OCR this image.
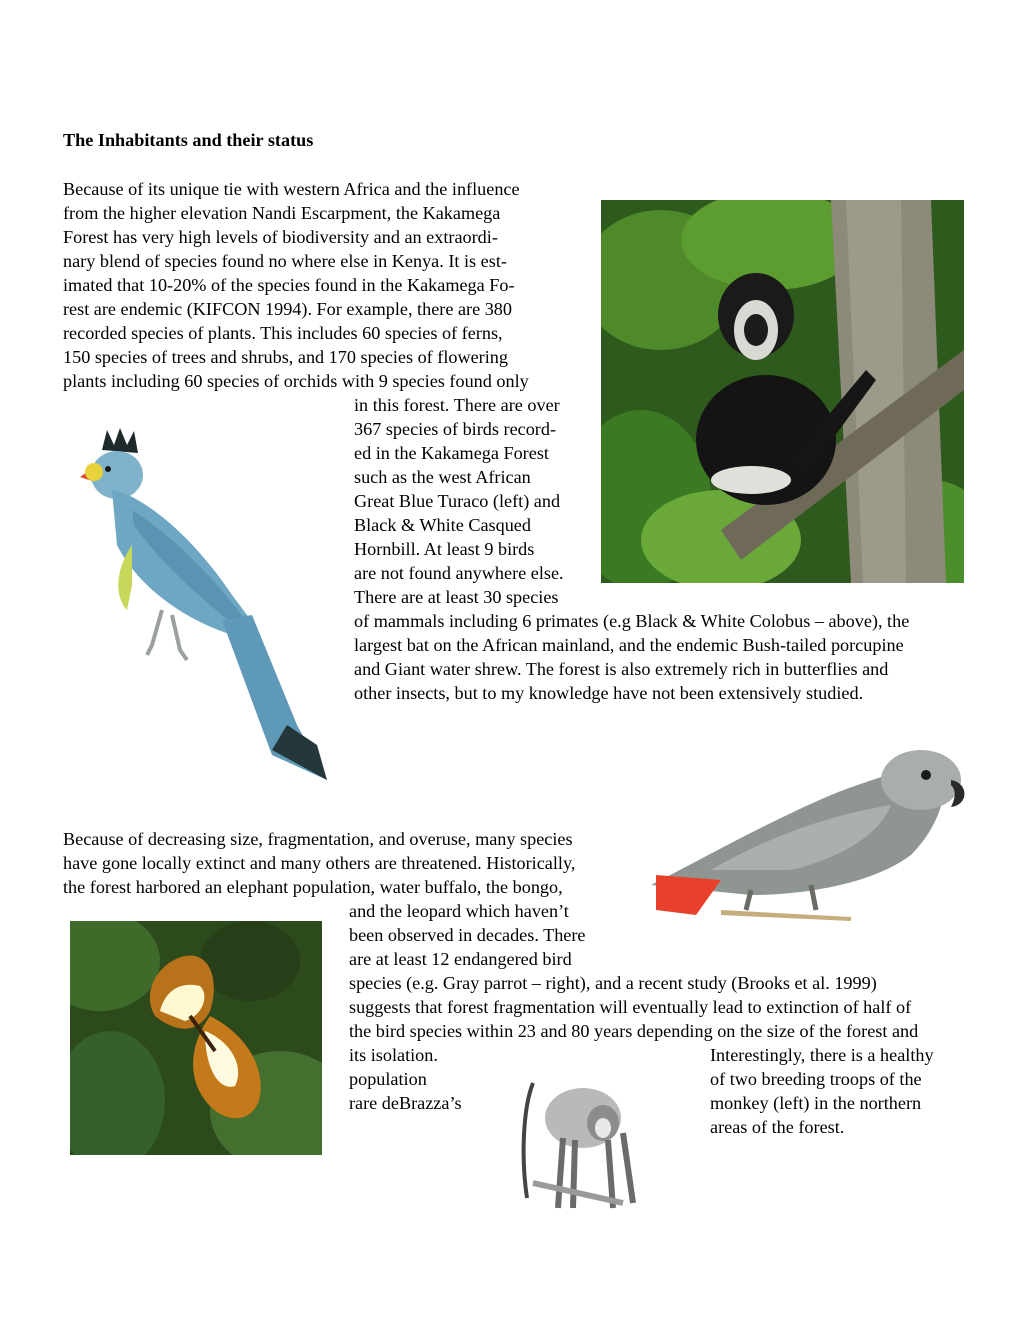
The Inhabitants and their status
Because of its unique tie with western Africa and the influence
from the higher elevation Nandi Escarpment, the Kakamega
Forest has very high levels of biodiversity and an extraordi-
nary blend of species found no where else in Kenya. It is est-
imated that 10-20% of the species found in the Kakamega Fo-
rest are endemic (KIFCON 1994). For example, there are 380
recorded species of plants. This includes 60 species of ferns,
150 species of trees and shrubs, and 170 species of flowering
plants including 60 species of orchids with 9 species found only
in this forest. There are over
367 species of birds record-
ed in the Kakamega Forest
such as the west African
Great Blue Turaco (left) and
Black & White Casqued
Hornbill. At least 9 birds
are not found anywhere else.
There are at least 30 species
of mammals including 6 primates (e.g Black & White Colobus – above), the
largest bat on the African mainland, and the endemic Bush-tailed porcupine
and Giant water shrew. The forest is also extremely rich in butterflies and
other insects, but to my knowledge have not been extensively studied.
Because of decreasing size, fragmentation, and overuse, many species
have gone locally extinct and many others are threatened. Historically,
the forest harbored an elephant population, water buffalo, the bongo,
and the leopard which haven’t
been observed in decades. There
are at least 12 endangered bird
species (e.g. Gray parrot – right), and a recent study (Brooks et al. 1999)
suggests that forest fragmentation will eventually lead to extinction of half of
the bird species within 23 and 80 years depending on the size of the forest and
its isolation.
population
rare deBrazza’s
Interestingly, there is a healthy
of two breeding troops of the
monkey (left) in the northern
areas of the forest.
